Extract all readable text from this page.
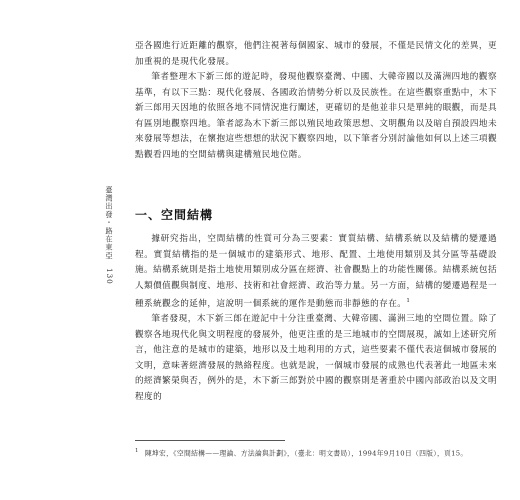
臺灣出發・路在東亞　130

亞各國進行近距離的觀察，他們注視著每個國家、城市的發展，不僅是民情文化的差異，更加重視的是現代化發展。

筆者整理木下新三郎的遊記時，發現他觀察臺灣、中國、大韓帝國以及滿洲四地的觀察基準，有以下三點：現代化發展、各國政治情勢分析以及民族性。在這些觀察重點中，木下新三郎用天因地的依照各地不同情況進行闡述，更確切的是他並非只是單純的眼觀，而是具有區別地觀察四地。筆者認為木下新三郎以殖民地政策思想、文明觀角以及暗自預設四地未來發展等想法，在懷抱這些想想的狀況下觀察四地，以下筆者分別討論他如何以上述三項觀點觀看四地的空間結構與建構殖民地位階。

一、空間結構

據研究指出，空間結構的性質可分為三要素：實質結構、結構系統以及結構的變遷過程。實質結構指的是一個城市的建築形式、地形、配置、土地使用類別及其分區等基礎設施。結構系統則是指土地使用類別成分區在經濟、社會觀點上的功能性關係。結構系統包括人類價值觀與制度、地形、技術和社會經濟、政治等力量。另一方面，結構的變遷過程是一種系統觀念的延伸，這說明一個系統的運作是動態而非靜態的存在。$^1$

筆者發現，木下新三郎在遊記中十分注重臺灣、大韓帝國、滿洲三地的空間位置。除了觀察各地現代化與文明程度的發展外，他更注重的是三地城市的空間展現，誠如上述研究所言，他注意的是城市的建築，地形以及土地利用的方式，這些要素不僅代表這個城市發展的文明，意味著經濟發展的熱絡程度。也就是說，一個城市發展的成熟也代表著此一地區未來的經濟繁榮與否，例外的是，木下新三郎對於中國的觀察則是著重於中國內部政治以及文明程度的

$^1$ 陳坤宏，《空間結構——理論、方法論與計劃》，（臺北：明文書局），1994年9月10日（四版），頁15。
